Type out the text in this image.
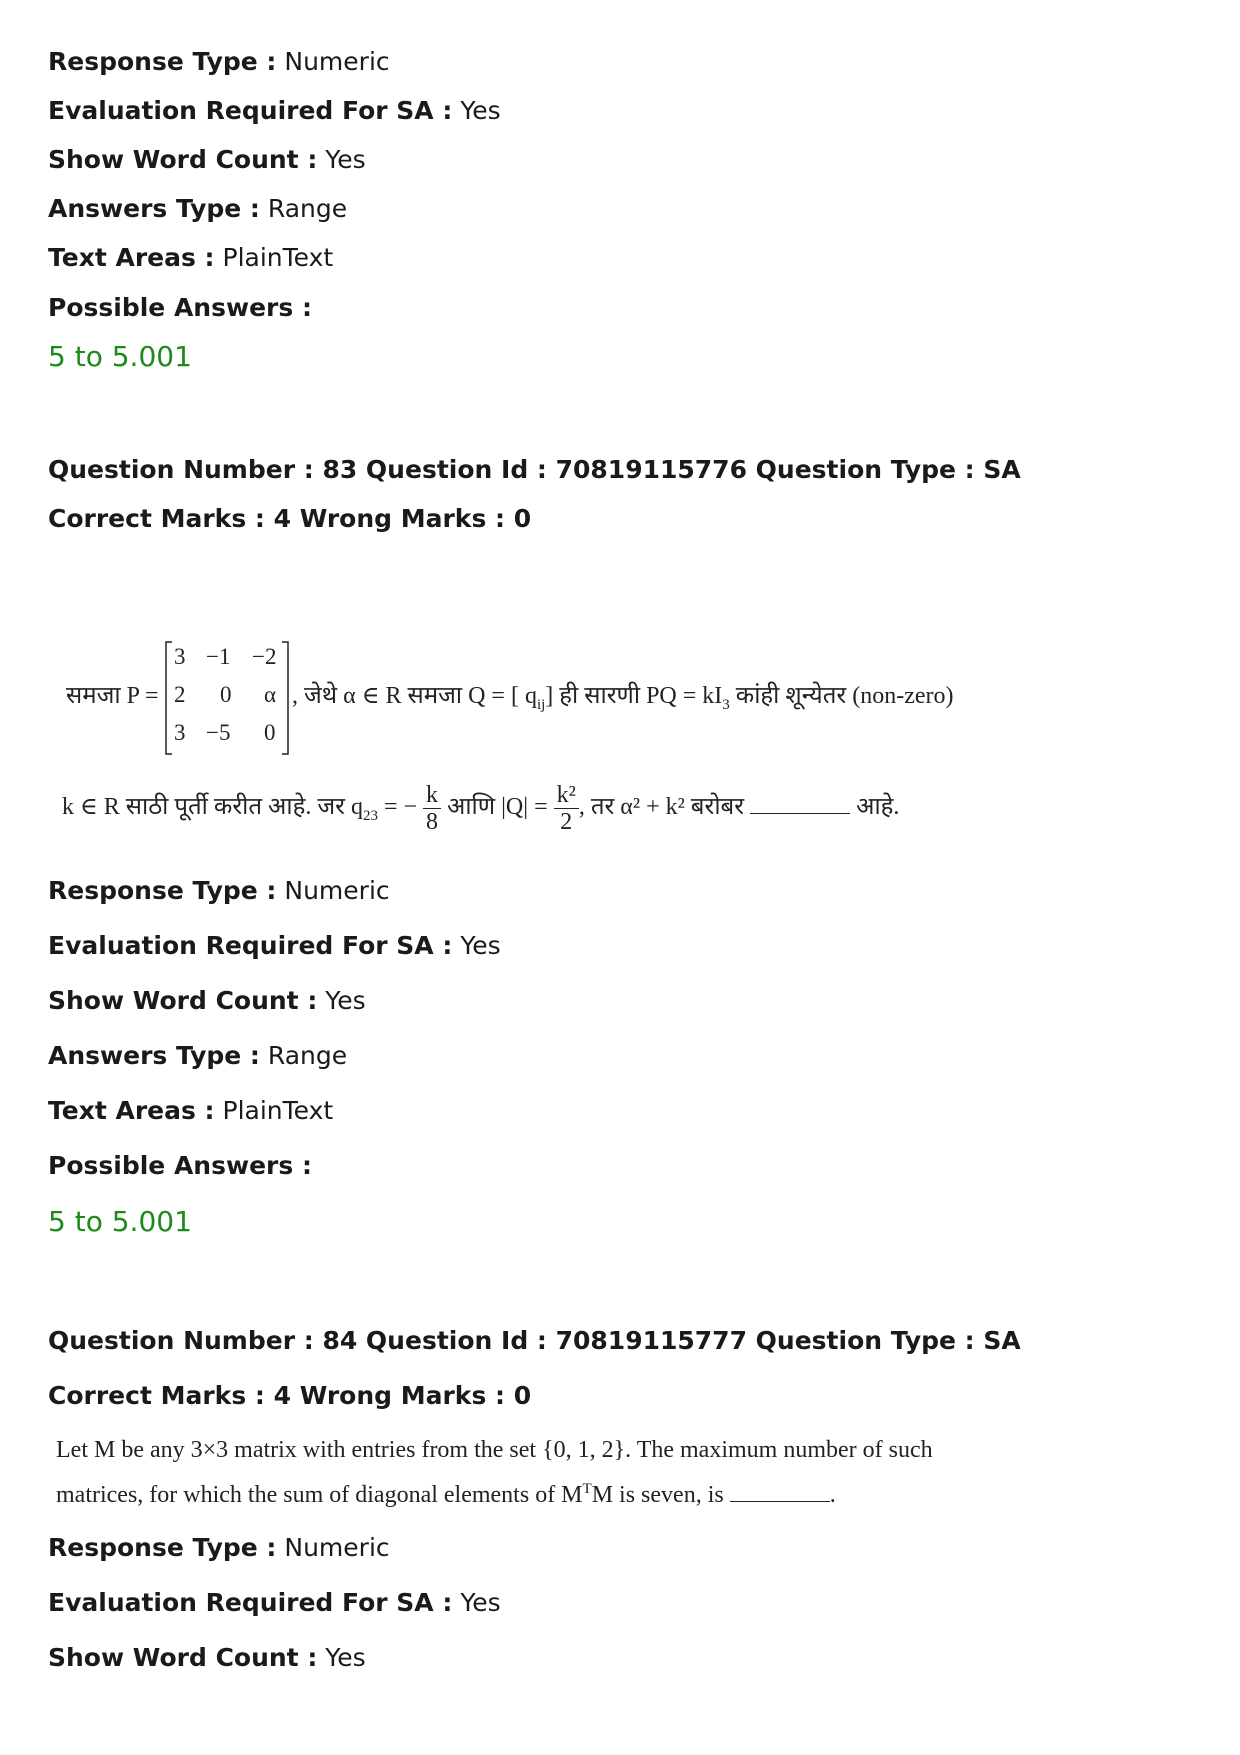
Response Type : Numeric
Evaluation Required For SA : Yes
Show Word Count : Yes
Answers Type : Range
Text Areas : PlainText
Possible Answers :
5 to 5.001
Question Number : 83 Question Id : 70819115776 Question Type : SA
Correct Marks : 4 Wrong Marks : 0
समजा P =
3 −1 −2
2 0 α
3 −5 0
, जेथे α ∈ R समजा Q = [ $q_{ij}$] ही सारणी PQ = $kI_3$ कांही शून्येतर (non-zero)
k ∈ R साठी पूर्ती करीत आहे. जर $q_{23}$ = − $\frac{k}{8}$ आणि $|Q| = \frac{\text{k²}}{2}$ , तर α² + k² बरोबर	आहे.
Response Type : Numeric
Evaluation Required For SA : Yes
Show Word Count : Yes
Answers Type : Range
Text Areas : PlainText
Possible Answers :
5 to 5.001
Question Number : 84 Question Id : 70819115777 Question Type : SA
Correct Marks : 4 Wrong Marks : 0
Let M be any 3×3 matrix with entries from the set {0, 1, 2}. The maximum number of such
matrices, for which the sum of diagonal elements of $M^TM$ is seven, is	.
Response Type : Numeric
Evaluation Required For SA : Yes
Show Word Count : Yes
